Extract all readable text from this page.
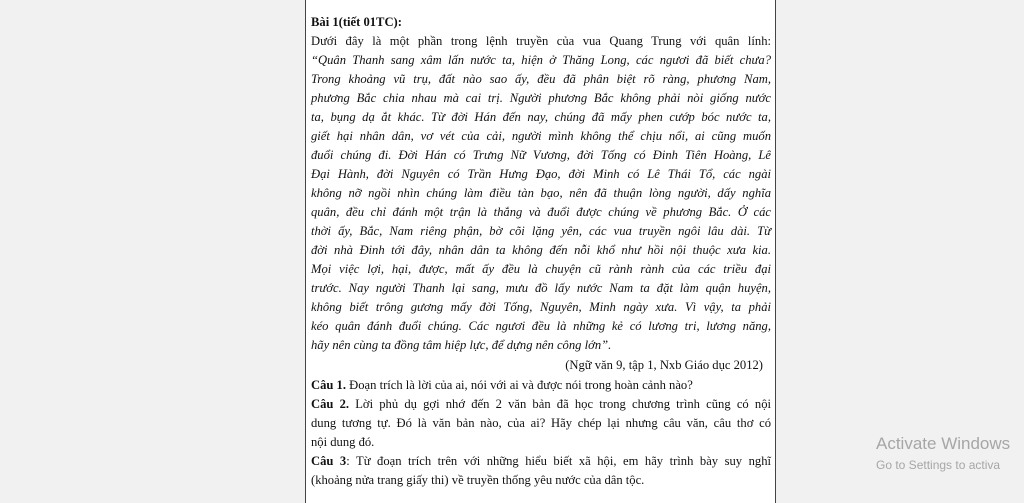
Bài 1(tiết 01TC):
Dưới đây là một phần trong lệnh truyền của vua Quang Trung với quân lính:
“Quân Thanh sang xâm lấn nước ta, hiện ở Thăng Long, các ngươi đã biết chưa?
Trong khoảng vũ trụ, đất nào sao ấy, đều đã phân biệt rõ ràng, phương Nam,
phương Bắc chia nhau mà cai trị. Người phương Bắc không phải nòi giống nước
ta, bụng dạ ắt khác. Từ đời Hán đến nay, chúng đã mấy phen cướp bóc nước ta,
giết hại nhân dân, vơ vét của cải, người mình không thể chịu nổi, ai cũng muốn
đuổi chúng đi. Đời Hán có Trưng Nữ Vương, đời Tống có Đinh Tiên Hoàng, Lê
Đại Hành, đời Nguyên có Trần Hưng Đạo, đời Minh có Lê Thái Tổ, các ngài
không nỡ ngồi nhìn chúng làm điều tàn bạo, nên đã thuận lòng người, dấy nghĩa
quân, đều chỉ đánh một trận là thắng và đuổi được chúng về phương Bắc. Ở các
thời ấy, Bắc, Nam riêng phận, bờ cõi lặng yên, các vua truyền ngôi lâu dài. Từ
đời nhà Đinh tới đây, nhân dân ta không đến nỗi khổ như hồi nội thuộc xưa kia.
Mọi việc lợi, hại, được, mất ấy đều là chuyện cũ rành rành của các triều đại
trước. Nay người Thanh lại sang, mưu đồ lấy nước Nam ta đặt làm quận huyện,
không biết trông gương mấy đời Tống, Nguyên, Minh ngày xưa. Vì vậy, ta phải
kéo quân đánh đuổi chúng. Các ngươi đều là những kẻ có lương tri, lương năng,
hãy nên cùng ta đồng tâm hiệp lực, để dựng nên công lớn”.
(Ngữ văn 9, tập 1, Nxb Giáo dục 2012)
Câu 1. Đoạn trích là lời của ai, nói với ai và được nói trong hoàn cảnh nào?
Câu 2. Lời phủ dụ gợi nhớ đến 2 văn bản đã học trong chương trình cũng có nội
dung tương tự. Đó là văn bản nào, của ai? Hãy chép lại nhưng câu văn, câu thơ có
nội dung đó.
Câu 3: Từ đoạn trích trên với những hiểu biết xã hội, em hãy trình bày suy nghĩ
(khoảng nửa trang giấy thi) về truyền thống yêu nước của dân tộc.
Activate Windows
Go to Settings to activa
